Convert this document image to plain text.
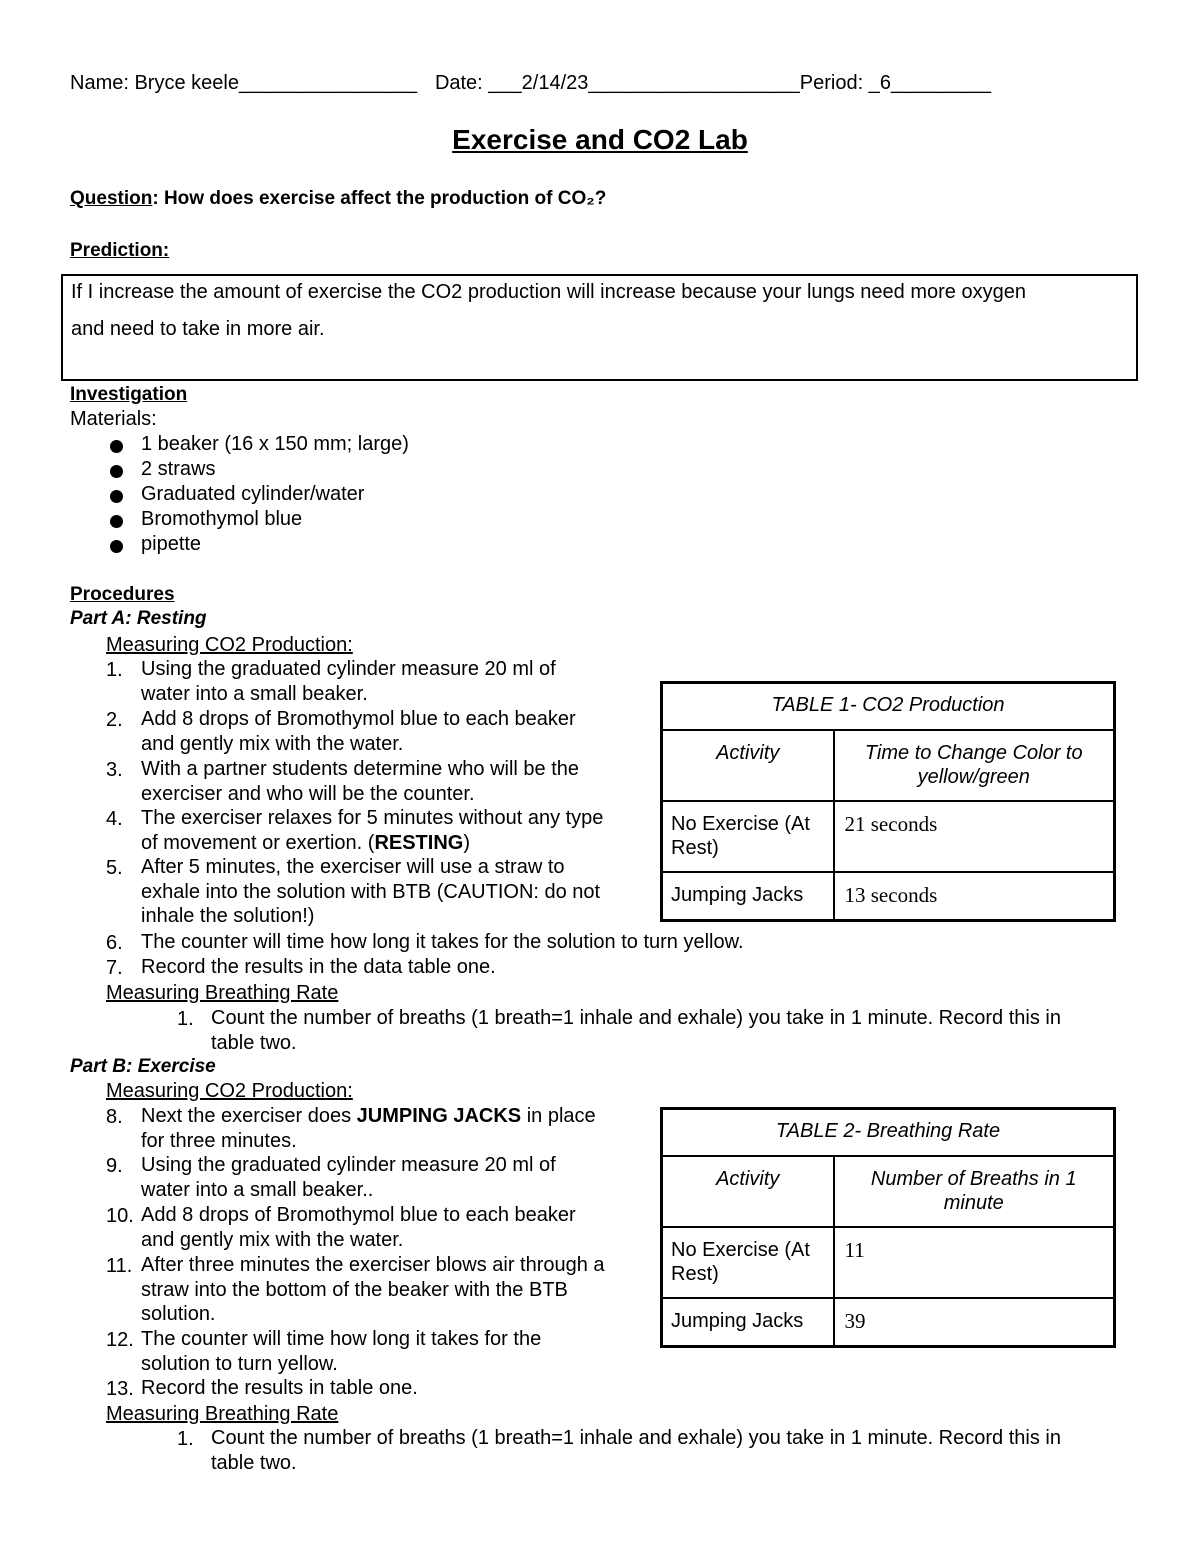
Name: Bryce keele________________ Date: ___2/14/23___________________Period: _6_________
Exercise and CO2 Lab
Question: How does exercise affect the production of CO₂?
Prediction:
If I increase the amount of exercise the CO2 production will increase because your lungs need more oxygen
and need to take in more air.
Investigation
Materials:
1 beaker (16 x 150 mm; large)
2 straws
Graduated cylinder/water
Bromothymol blue
pipette
Procedures
Part A: Resting
Measuring CO2 Production:
1. Using the graduated cylinder measure 20 ml of
water into a small beaker.
2. Add 8 drops of Bromothymol blue to each beaker
and gently mix with the water.
3. With a partner students determine who will be the
exerciser and who will be the counter.
4. The exerciser relaxes for 5 minutes without any type
of movement or exertion. (RESTING)
5. After 5 minutes, the exerciser will use a straw to
exhale into the solution with BTB (CAUTION: do not
inhale the solution!)
6. The counter will time how long it takes for the solution to turn yellow.
7. Record the results in the data table one.
Measuring Breathing Rate
1. Count the number of breaths (1 breath=1 inhale and exhale) you take in 1 minute. Record this in
table two.
Part B: Exercise
Measuring CO2 Production:
8. Next the exerciser does JUMPING JACKS in place
for three minutes.
9. Using the graduated cylinder measure 20 ml of
water into a small beaker..
10. Add 8 drops of Bromothymol blue to each beaker
and gently mix with the water.
11. After three minutes the exerciser blows air through a
straw into the bottom of the beaker with the BTB
solution.
12. The counter will time how long it takes for the
solution to turn yellow.
13. Record the results in table one.
Measuring Breathing Rate
1. Count the number of breaths (1 breath=1 inhale and exhale) you take in 1 minute. Record this in
table two.
TABLE 1- CO2 Production	
Activity	Time to Change Color to
yellow/green
No Exercise (At
Rest)	21 seconds
Jumping Jacks	13 seconds
TABLE 2- Breathing Rate	
Activity	Number of Breaths in 1
minute
No Exercise (At
Rest)	11
Jumping Jacks	39
